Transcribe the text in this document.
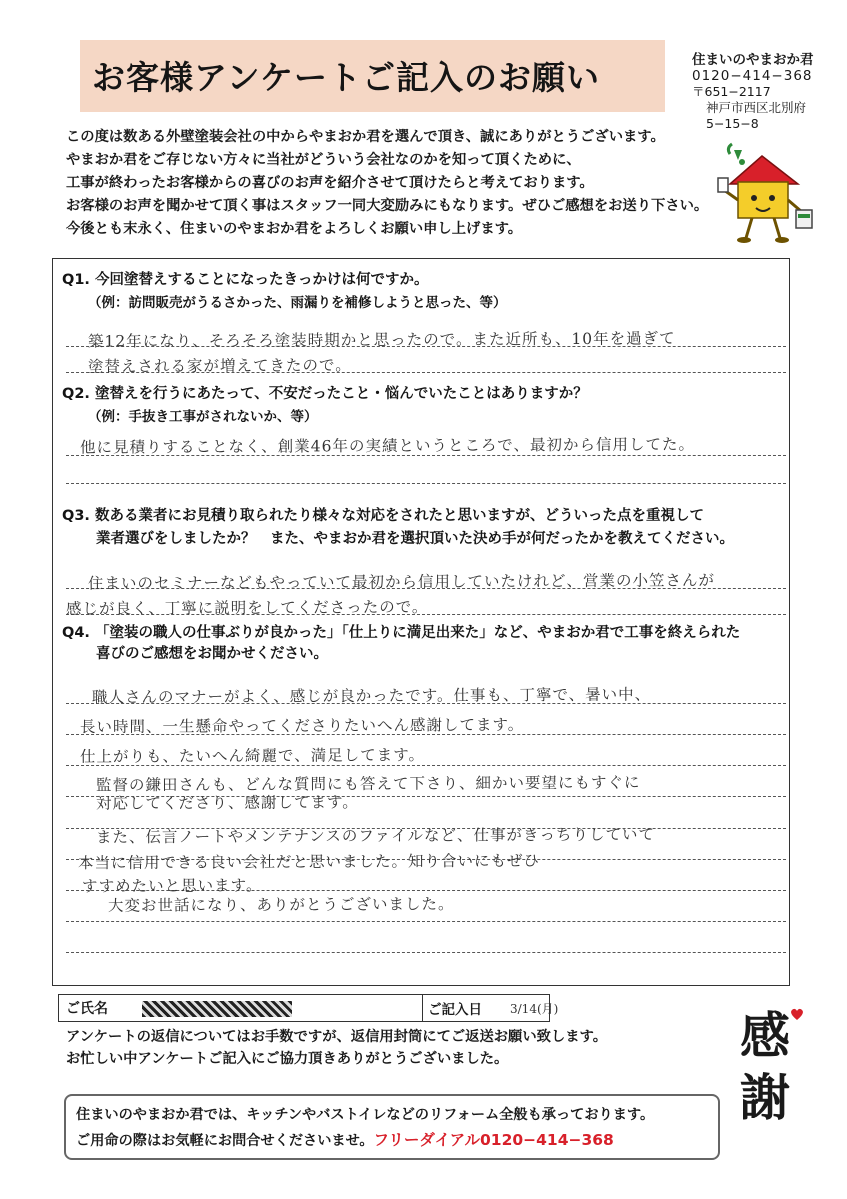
お客様アンケートご記入のお願い	住まいのやまおか君
0120−414−368
〒651−2117
神戸市西区北別府
5−15−8
この度は数ある外壁塗装会社の中からやまおか君を選んで頂き、誠にありがとうございます。
やまおか君をご存じない方々に当社がどういう会社なのかを知って頂くために、
工事が終わったお客様からの喜びのお声を紹介させて頂けたらと考えております。
お客様のお声を聞かせて頂く事はスタッフ一同大変励みにもなります。ぜひご感想をお送り下さい。
今後とも末永く、住まいのやまおか君をよろしくお願い申し上げます。
Q1. 今回塗替えすることになったきっかけは何ですか。
（例：訪問販売がうるさかった、雨漏りを補修しようと思った、等）
築12年になり、そろそろ塗装時期かと思ったので。また近所も、10年を過ぎて
塗替えされる家が増えてきたので。
Q2. 塗替えを行うにあたって、不安だったこと・悩んでいたことはありますか？
（例：手抜き工事がされないか、等）
他に見積りすることなく、創業46年の実績というところで、最初から信用してた。
Q3. 数ある業者にお見積り取られたり様々な対応をされたと思いますが、どういった点を重視して
業者選びをしましたか？　また、やまおか君を選択頂いた決め手が何だったかを教えてください。
住まいのセミナーなどもやっていて最初から信用していたけれど、営業の小笠さんが
感じが良く、丁寧に説明をしてくださったので。
Q4. 「塗装の職人の仕事ぶりが良かった」「仕上りに満足出来た」など、やまおか君で工事を終えられた
喜びのご感想をお聞かせください。
職人さんのマナーがよく、感じが良かったです。仕事も、丁寧で、暑い中、
長い時間、一生懸命やってくださりたいへん感謝してます。
仕上がりも、たいへん綺麗で、満足してます。
監督の鎌田さんも、どんな質問にも答えて下さり、細かい要望にもすぐに
対応してくださり、感謝してます。
また、伝言ノートやメンテナンスのファイルなど、仕事がきっちりしていて
本当に信用できる良い会社だと思いました。知り合いにもぜひ
すすめたいと思います。
大変お世話になり、ありがとうございました。
ご氏名	ご記入日 3/14(月)
アンケートの返信についてはお手数ですが、返信用封筒にてご返送お願い致します。
お忙しい中アンケートご記入にご協力頂きありがとうございました。
住まいのやまおか君では、キッチンやバストイレなどのリフォーム全般も承っております。
ご用命の際はお気軽にお問合せくださいませ。フリーダイアル0120−414−368
感
謝
